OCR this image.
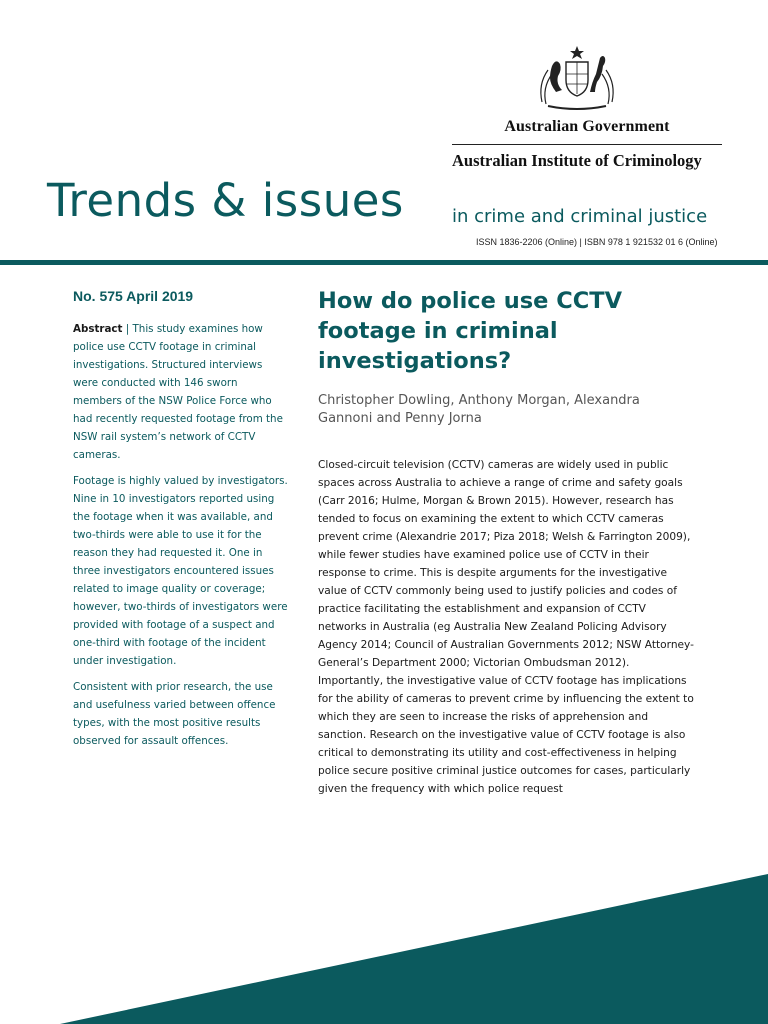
Australian Government
Australian Institute of Criminology
Trends & issues	in crime and criminal justice
ISSN 1836-2206 (Online) | ISBN 978 1 921532 01 6 (Online)
No. 575 April 2019

Abstract | This study examines how police use CCTV footage in criminal investigations. Structured interviews were conducted with 146 sworn members of the NSW Police Force who had recently requested footage from the NSW rail system’s network of CCTV cameras.

Footage is highly valued by investigators. Nine in 10 investigators reported using the footage when it was available, and two-thirds were able to use it for the reason they had requested it. One in three investigators encountered issues related to image quality or coverage; however, two-thirds of investigators were provided with footage of a suspect and one-third with footage of the incident under investigation.

Consistent with prior research, the use and usefulness varied between offence types, with the most positive results observed for assault offences.

How do police use CCTV footage in criminal investigations?
Christopher Dowling, Anthony Morgan, Alexandra Gannoni and Penny Jorna
Closed-circuit television (CCTV) cameras are widely used in public spaces across Australia to achieve a range of crime and safety goals (Carr 2016; Hulme, Morgan & Brown 2015). However, research has tended to focus on examining the extent to which CCTV cameras prevent crime (Alexandrie 2017; Piza 2018; Welsh & Farrington 2009), while fewer studies have examined police use of CCTV in their response to crime. This is despite arguments for the investigative value of CCTV commonly being used to justify policies and codes of practice facilitating the establishment and expansion of CCTV networks in Australia (eg Australia New Zealand Policing Advisory Agency 2014; Council of Australian Governments 2012; NSW Attorney-General’s Department 2000; Victorian Ombudsman 2012). Importantly, the investigative value of CCTV footage has implications for the ability of cameras to prevent crime by influencing the extent to which they are seen to increase the risks of apprehension and sanction. Research on the investigative value of CCTV footage is also critical to demonstrating its utility and cost-effectiveness in helping police secure positive criminal justice outcomes for cases, particularly given the frequency with which police request
